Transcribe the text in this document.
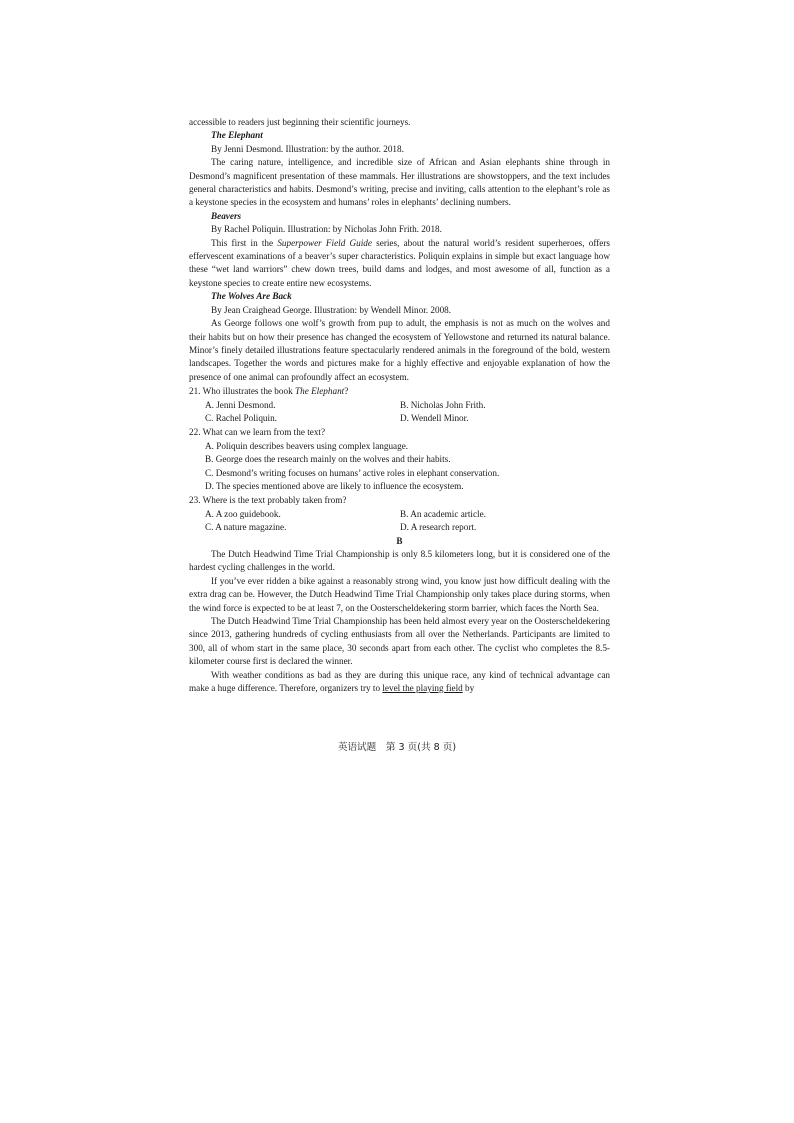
accessible to readers just beginning their scientific journeys.

The Elephant

By Jenni Desmond. Illustration: by the author. 2018.

The caring nature, intelligence, and incredible size of African and Asian elephants shine through in Desmond’s magnificent presentation of these mammals. Her illustrations are showstoppers, and the text includes general characteristics and habits. Desmond’s writing, precise and inviting, calls attention to the elephant’s role as a keystone species in the ecosystem and humans’ roles in elephants’ declining numbers.

Beavers

By Rachel Poliquin. Illustration: by Nicholas John Frith. 2018.

This first in the Superpower Field Guide series, about the natural world’s resident superheroes, offers effervescent examinations of a beaver’s super characteristics. Poliquin explains in simple but exact language how these “wet land warriors” chew down trees, build dams and lodges, and most awesome of all, function as a keystone species to create entire new ecosystems.

The Wolves Are Back

By Jean Craighead George. Illustration: by Wendell Minor. 2008.

As George follows one wolf’s growth from pup to adult, the emphasis is not as much on the wolves and their habits but on how their presence has changed the ecosystem of Yellowstone and returned its natural balance. Minor’s finely detailed illustrations feature spectacularly rendered animals in the foreground of the bold, western landscapes. Together the words and pictures make for a highly effective and enjoyable explanation of how the presence of one animal can profoundly affect an ecosystem.

21. Who illustrates the book The Elephant?

A. Jenni Desmond.	B. Nicholas John Frith.
C. Rachel Poliquin.	D. Wendell Minor.

22. What can we learn from the text?

A. Poliquin describes beavers using complex language.
B. George does the research mainly on the wolves and their habits.
C. Desmond’s writing focuses on humans’ active roles in elephant conservation.
D. The species mentioned above are likely to influence the ecosystem.

23. Where is the text probably taken from?

A. A zoo guidebook.	B. An academic article.
C. A nature magazine.	D. A research report.

B

The Dutch Headwind Time Trial Championship is only 8.5 kilometers long, but it is considered one of the hardest cycling challenges in the world.

If you’ve ever ridden a bike against a reasonably strong wind, you know just how difficult dealing with the extra drag can be. However, the Dutch Headwind Time Trial Championship only takes place during storms, when the wind force is expected to be at least 7, on the Oosterscheldekering storm barrier, which faces the North Sea.

The Dutch Headwind Time Trial Championship has been held almost every year on the Oosterscheldekering since 2013, gathering hundreds of cycling enthusiasts from all over the Netherlands. Participants are limited to 300, all of whom start in the same place, 30 seconds apart from each other. The cyclist who completes the 8.5-kilometer course first is declared the winner.

With weather conditions as bad as they are during this unique race, any kind of technical advantage can make a huge difference. Therefore, organizers try to level the playing field by

英语试题　第 3 页(共 8 页)
